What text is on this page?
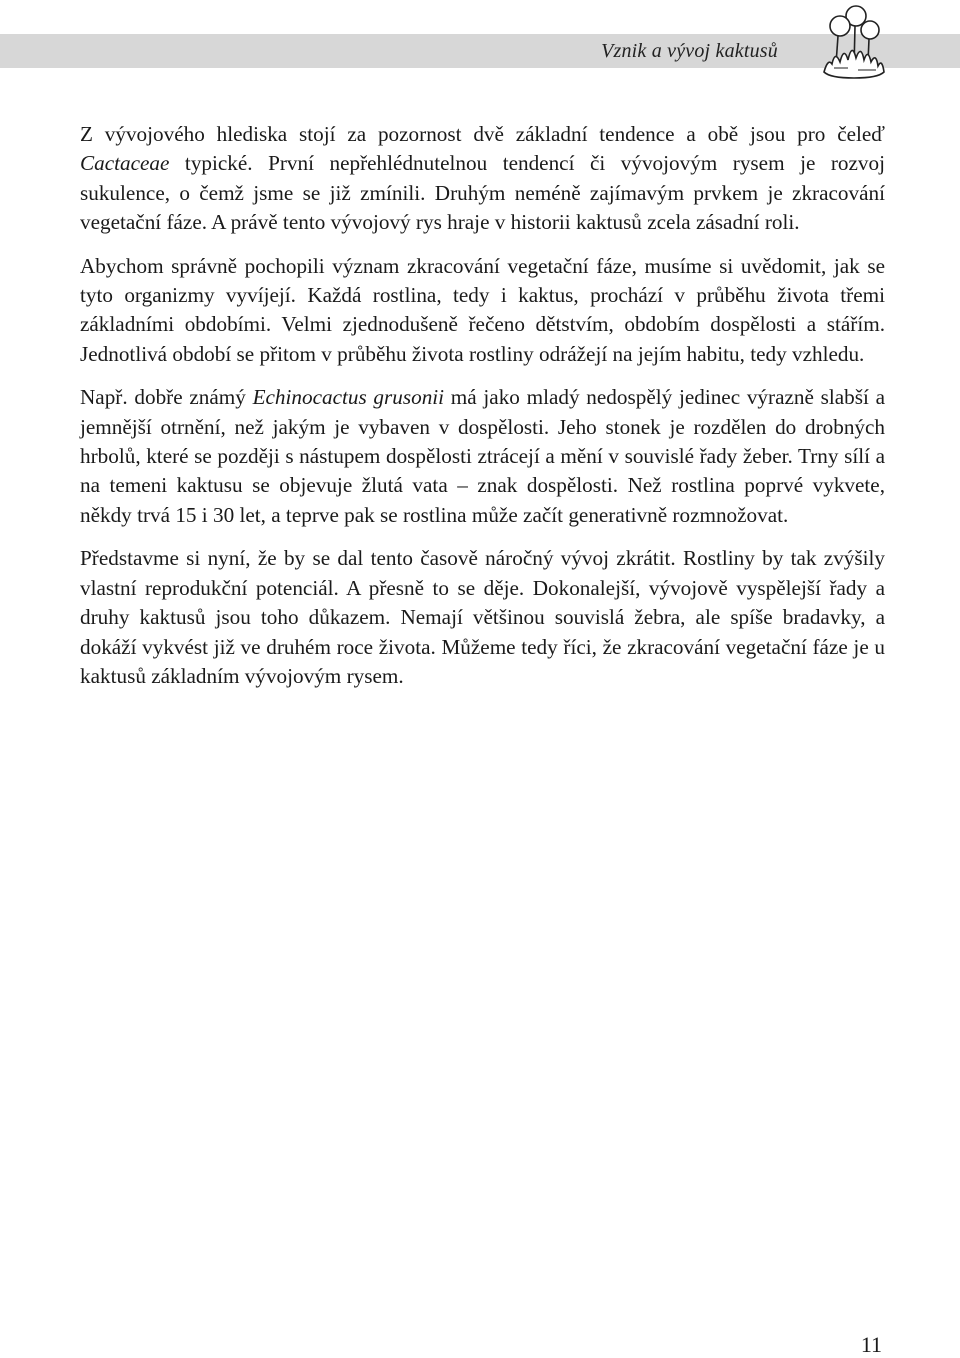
Vznik a vývoj kaktusů

Z vývojového hlediska stojí za pozornost dvě základní tendence a obě jsou pro čeleď Cactaceae typické. První nepřehlédnutelnou tendencí či vývojovým rysem je rozvoj sukulence, o čemž jsme se již zmínili. Druhým neméně zajímavým prvkem je zkracování vegetační fáze. A právě tento vývojový rys hraje v historii kaktusů zcela zásadní roli.

Abychom správně pochopili význam zkracování vegetační fáze, musíme si uvědomit, jak se tyto organizmy vyvíjejí. Každá rostlina, tedy i kaktus, prochází v průběhu života třemi základními obdobími. Velmi zjednodušeně řečeno dětstvím, obdobím dospělosti a stářím. Jednotlivá období se přitom v průběhu života rostliny odrážejí na jejím habitu, tedy vzhledu.

Např. dobře známý Echinocactus grusonii má jako mladý nedospělý jedinec výrazně slabší a jemnější otrnění, než jakým je vybaven v dospělosti. Jeho stonek je rozdělen do drobných hrbolů, které se později s nástupem dospělosti ztrácejí a mění v souvislé řady žeber. Trny sílí a na temeni kaktusu se objevuje žlutá vata – znak dospělosti. Než rostlina poprvé vykvete, někdy trvá 15 i 30 let, a teprve pak se rostlina může začít generativně rozmnožovat.

Představme si nyní, že by se dal tento časově náročný vývoj zkrátit. Rostliny by tak zvýšily vlastní reprodukční potenciál. A přesně to se děje. Dokonalejší, vývojově vyspělejší řady a druhy kaktusů jsou toho důkazem. Nemají většinou souvislá žebra, ale spíše bradavky, a dokáží vykvést již ve druhém roce života. Můžeme tedy říci, že zkracování vegetační fáze je u kaktusů základním vývojovým rysem.

11
